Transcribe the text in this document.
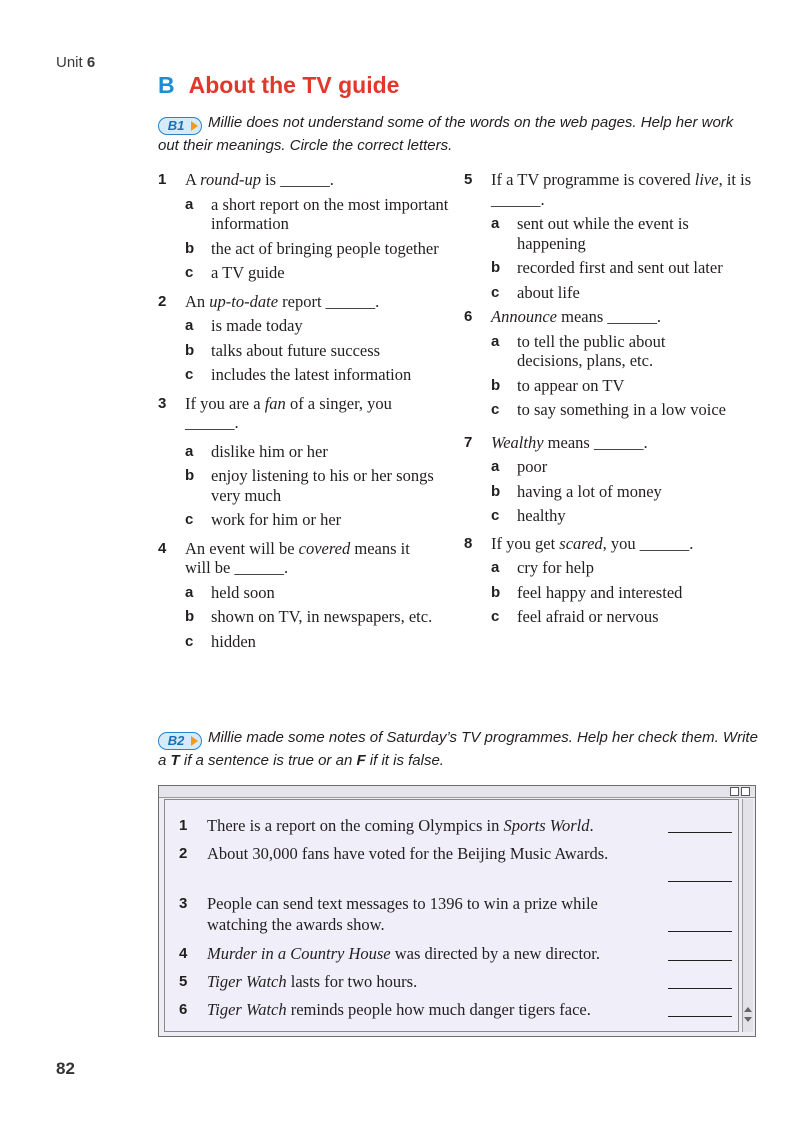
Unit 6
B About the TV guide
B1 Millie does not understand some of the words on the web pages. Help her work out their meanings. Circle the correct letters.
1 A round-up is ______.
a a short report on the most important information
b the act of bringing people together
c a TV guide
2 An up-to-date report ______.
a is made today
b talks about future success
c includes the latest information
3 If you are a fan of a singer, you ______.
a dislike him or her
b enjoy listening to his or her songs very much
c work for him or her
4 An event will be covered means it will be ______.
a held soon
b shown on TV, in newspapers, etc.
c hidden
5 If a TV programme is covered live, it is ______.
a sent out while the event is happening
b recorded first and sent out later
c about life
6 Announce means ______.
a to tell the public about decisions, plans, etc.
b to appear on TV
c to say something in a low voice
7 Wealthy means ______.
a poor
b having a lot of money
c healthy
8 If you get scared, you ______.
a cry for help
b feel happy and interested
c feel afraid or nervous
B2 Millie made some notes of Saturday’s TV programmes. Help her check them. Write a T if a sentence is true or an F if it is false.
1 There is a report on the coming Olympics in Sports World.
2 About 30,000 fans have voted for the Beijing Music Awards.
3 People can send text messages to 1396 to win a prize while watching the awards show.
4 Murder in a Country House was directed by a new director.
5 Tiger Watch lasts for two hours.
6 Tiger Watch reminds people how much danger tigers face.
82
